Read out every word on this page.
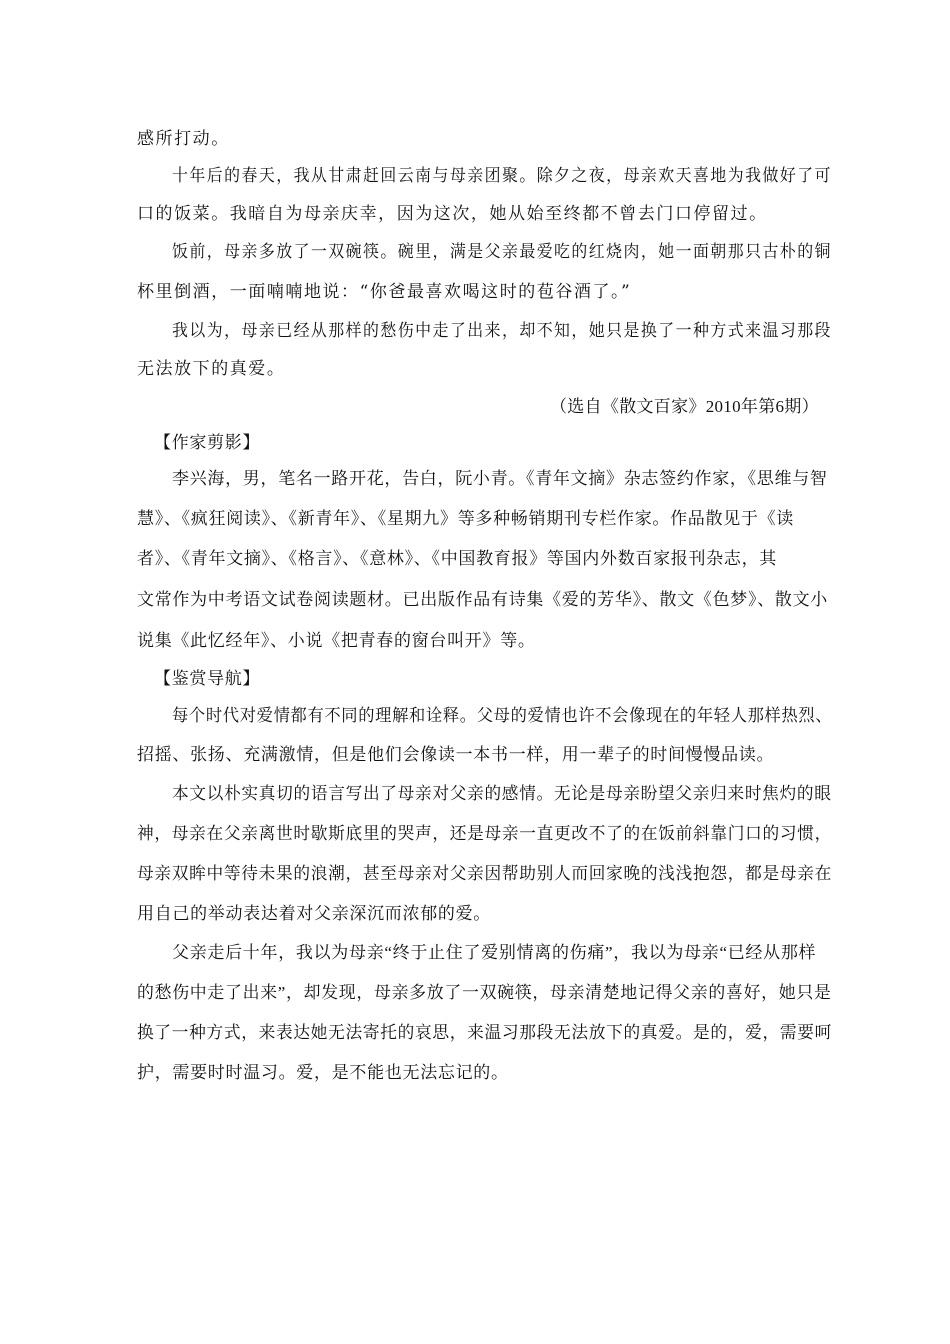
感所打动。
十年后的春天，我从甘肃赶回云南与母亲团聚。除夕之夜，母亲欢天喜地为我做好了可
口的饭菜。我暗自为母亲庆幸，因为这次，她从始至终都不曾去门口停留过。
饭前，母亲多放了一双碗筷。碗里，满是父亲最爱吃的红烧肉，她一面朝那只古朴的铜
杯里倒酒，一面喃喃地说：“你爸最喜欢喝这时的苞谷酒了。”
我以为，母亲已经从那样的愁伤中走了出来，却不知，她只是换了一种方式来温习那段
无法放下的真爱。
（选自《散文百家》2010年第6期）
【作家剪影】
李兴海，男，笔名一路开花，告白，阮小青。《青年文摘》杂志签约作家，《思维与智
慧》、《疯狂阅读》、《新青年》、《星期九》等多种畅销期刊专栏作家。作品散见于《读
者》、《青年文摘》、《格言》、《意林》、《中国教育报》等国内外数百家报刊杂志，其
文常作为中考语文试卷阅读题材。已出版作品有诗集《爱的芳华》、散文《色梦》、散文小
说集《此忆经年》、小说《把青春的窗台叫开》等。
【鉴赏导航】
每个时代对爱情都有不同的理解和诠释。父母的爱情也许不会像现在的年轻人那样热烈、
招摇、张扬、充满激情，但是他们会像读一本书一样，用一辈子的时间慢慢品读。
本文以朴实真切的语言写出了母亲对父亲的感情。无论是母亲盼望父亲归来时焦灼的眼
神，母亲在父亲离世时歇斯底里的哭声，还是母亲一直更改不了的在饭前斜靠门口的习惯，
母亲双眸中等待未果的浪潮，甚至母亲对父亲因帮助别人而回家晚的浅浅抱怨，都是母亲在
用自己的举动表达着对父亲深沉而浓郁的爱。
父亲走后十年，我以为母亲“终于止住了爱别情离的伤痛”，我以为母亲“已经从那样
的愁伤中走了出来”，却发现，母亲多放了一双碗筷，母亲清楚地记得父亲的喜好，她只是
换了一种方式，来表达她无法寄托的哀思，来温习那段无法放下的真爱。是的，爱，需要呵
护，需要时时温习。爱，是不能也无法忘记的。
